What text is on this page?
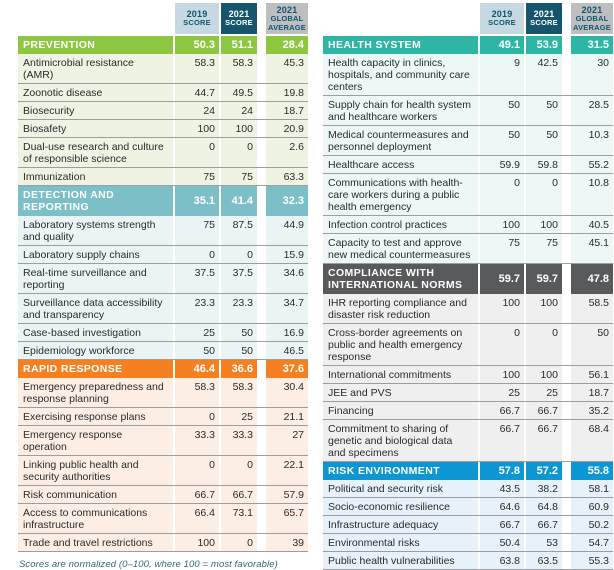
2019
SCORE
2021
SCORE
2021
GLOBAL AVERAGE
PREVENTION	50.3	51.1	28.4
Antimicrobial resistance (AMR)
58.3	58.3	45.3
Zoonotic disease	44.7	49.5	19.8
Biosecurity	24	24	18.7
Biosafety	100	100	20.9
Dual-use research and culture of responsible science
0	0	2.6
Immunization	75	75	63.3
DETECTION AND REPORTING	35.1	41.4	32.3
Laboratory systems strength and quality
75	87.5	44.9
Laboratory supply chains	0	0	15.9
Real-time surveillance and reporting
37.5	37.5	34.6
Surveillance data accessibility and transparency
23.3	23.3	34.7
Case-based investigation	25	50	16.9
Epidemiology workforce	50	50	46.5
RAPID RESPONSE	46.4	36.6	37.6
Emergency preparedness and response planning
58.3	58.3	30.4
Exercising response plans	0	25	21.1
Emergency response operation
33.3	33.3	27
Linking public health and security authorities
0	0	22.1
Risk communication	66.7	66.7	57.9
Access to communications infrastructure
66.4	73.1	65.7
Trade and travel restrictions	100	0	39
Scores are normalized (0–100, where 100 = most favorable)
2019
SCORE
2021
SCORE
2021
GLOBAL AVERAGE
HEALTH SYSTEM	49.1	53.9	31.5
Health capacity in clinics, hospitals, and community care centers
9	42.5	30
Supply chain for health system and healthcare workers
50	50	28.5
Medical countermeasures and personnel deployment
50	50	10.3
Healthcare access	59.9	59.8	55.2
Communications with health-care workers during a public health emergency
0	0	10.8
Infection control practices	100	100	40.5
Capacity to test and approve new medical countermeasures
75	75	45.1
COMPLIANCE WITH INTERNATIONAL NORMS	59.7	59.7	47.8
IHR reporting compliance and disaster risk reduction
100	100	58.5
Cross-border agreements on public and health emergency response
0	0	50
International commitments	100	100	56.1
JEE and PVS	25	25	18.7
Financing	66.7	66.7	35.2
Commitment to sharing of genetic and biological data and specimens
66.7	66.7	68.4
RISK ENVIRONMENT	57.8	57.2	55.8
Political and security risk	43.5	38.2	58.1
Socio-economic resilience	64.6	64.8	60.9
Infrastructure adequacy	66.7	66.7	50.2
Environmental risks	50.4	53	54.7
Public health vulnerabilities	63.8	63.5	55.3
